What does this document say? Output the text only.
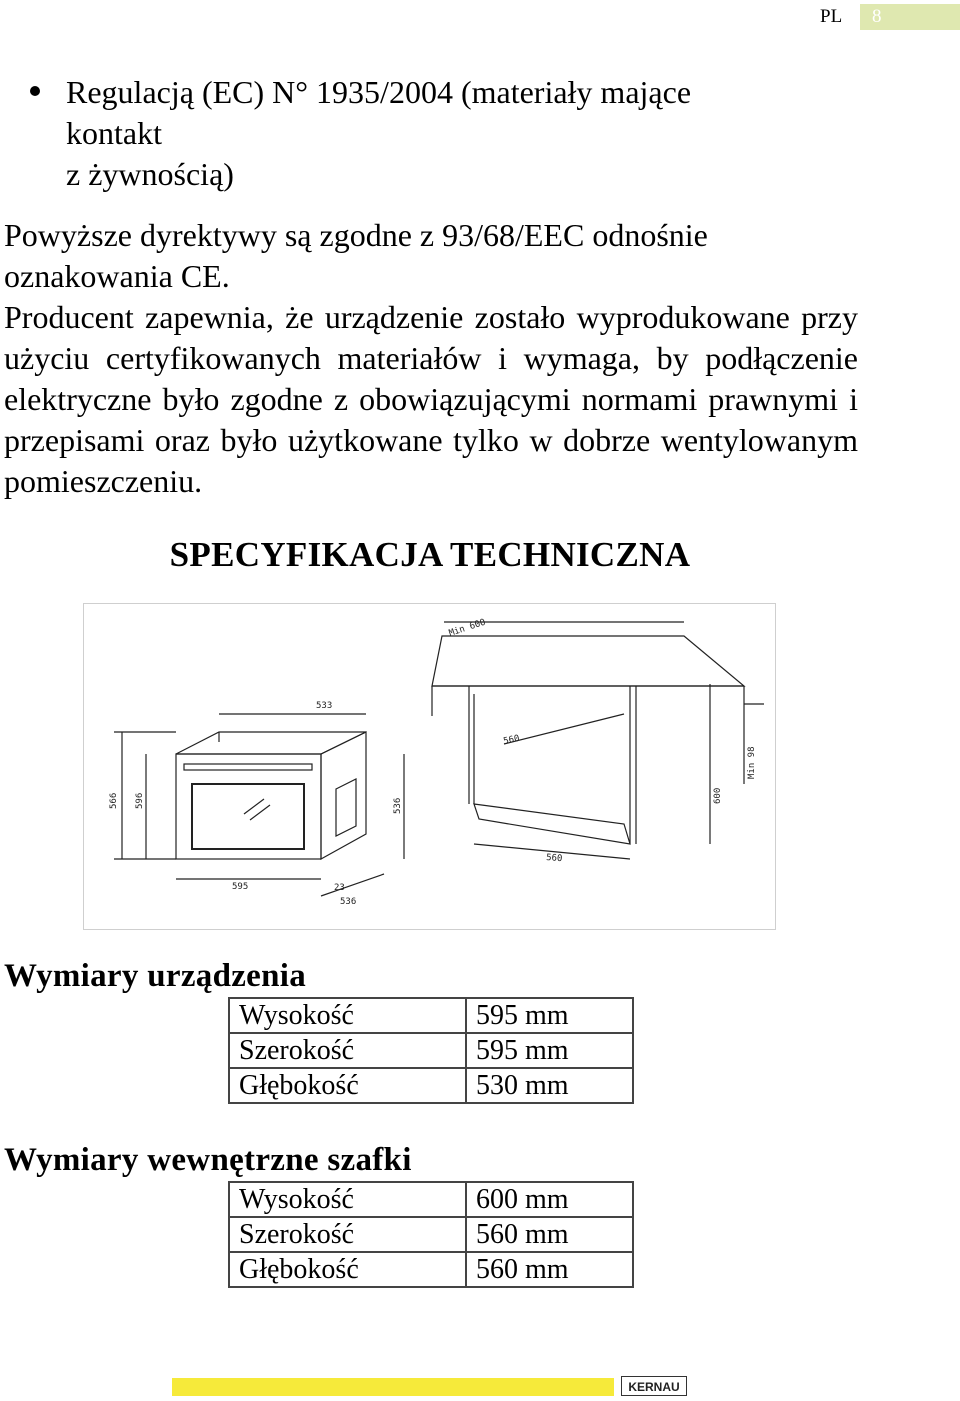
PL	8
Regulacją (EC) N° 1935/2004 (materiały mające
kontakt
z żywnością)
Powyższe dyrektywy są zgodne z 93/68/EEC odnośnie
oznakowania CE.
Producent zapewnia, że urządzenie zostało wyprodukowane przy użyciu certyfikowanych materiałów i wymaga, by podłączenie elektryczne było zgodne z obowiązującymi normami prawnymi i przepisami oraz było użytkowane tylko w dobrze wentylowanym pomieszczeniu.
SPECYFIKACJA TECHNICZNA
533
566 596	536
595	23
536
Min 600
560
600
Min 98
560
Wymiary urządzenia
Wysokość	595 mm
Szerokość	595 mm
Głębokość	530 mm
Wymiary wewnętrzne szafki
Wysokość	600 mm
Szerokość	560 mm
Głębokość	560 mm
KERNAU
